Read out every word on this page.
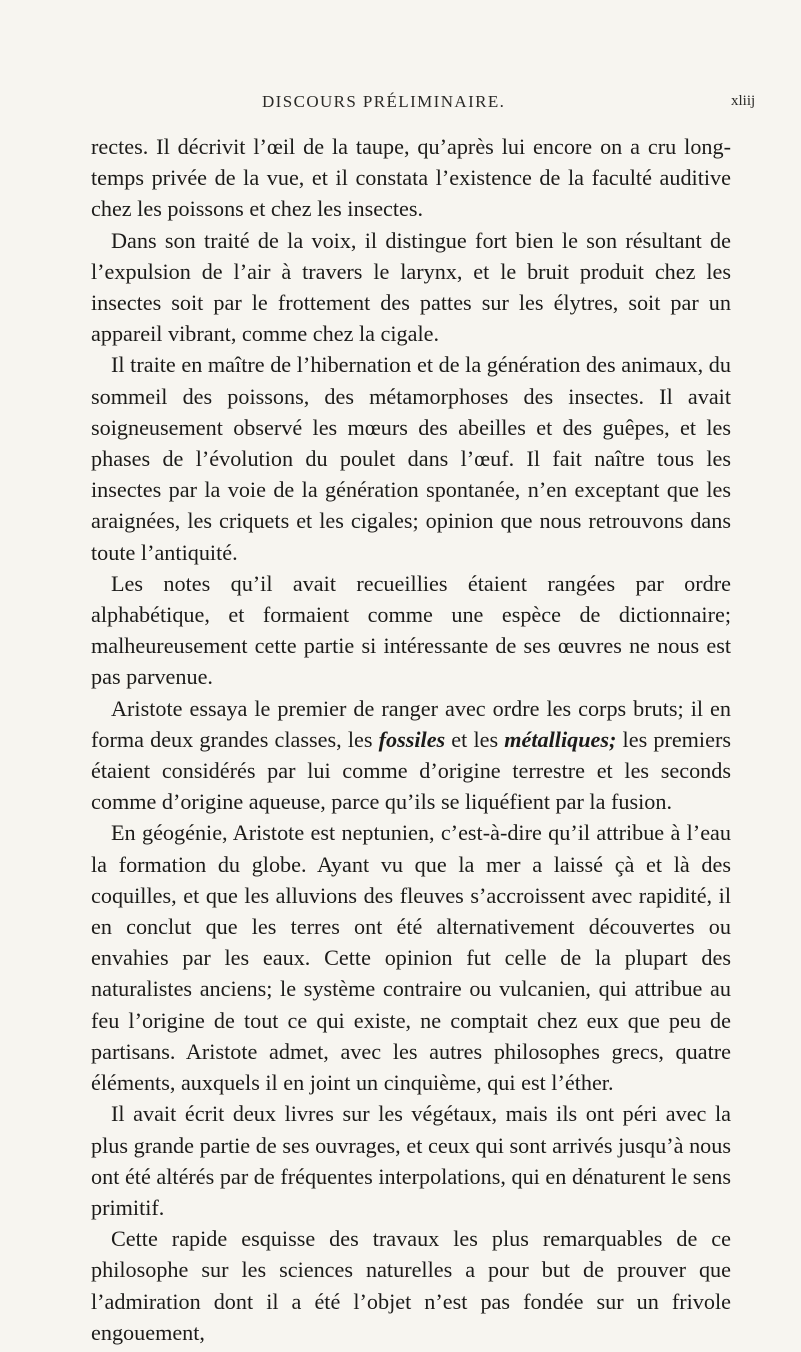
DISCOURS PRÉLIMINAIRE.	xliij

rectes. Il décrivit l’œil de la taupe, qu’après lui encore on a cru long-temps privée de la vue, et il constata l’existence de la faculté auditive chez les poissons et chez les insectes.

Dans son traité de la voix, il distingue fort bien le son résultant de l’expulsion de l’air à travers le larynx, et le bruit produit chez les insectes soit par le frottement des pattes sur les élytres, soit par un appareil vibrant, comme chez la cigale.

Il traite en maître de l’hibernation et de la génération des animaux, du sommeil des poissons, des métamorphoses des insectes. Il avait soigneusement observé les mœurs des abeilles et des guêpes, et les phases de l’évolution du poulet dans l’œuf. Il fait naître tous les insectes par la voie de la génération spontanée, n’en exceptant que les araignées, les criquets et les cigales; opinion que nous retrouvons dans toute l’antiquité.

Les notes qu’il avait recueillies étaient rangées par ordre alphabétique, et formaient comme une espèce de dictionnaire; malheureusement cette partie si intéressante de ses œuvres ne nous est pas parvenue.

Aristote essaya le premier de ranger avec ordre les corps bruts; il en forma deux grandes classes, les fossiles et les métalliques; les premiers étaient considérés par lui comme d’origine terrestre et les seconds comme d’origine aqueuse, parce qu’ils se liquéfient par la fusion.

En géogénie, Aristote est neptunien, c’est-à-dire qu’il attribue à l’eau la formation du globe. Ayant vu que la mer a laissé çà et là des coquilles, et que les alluvions des fleuves s’accroissent avec rapidité, il en conclut que les terres ont été alternativement découvertes ou envahies par les eaux. Cette opinion fut celle de la plupart des naturalistes anciens; le système contraire ou vulcanien, qui attribue au feu l’origine de tout ce qui existe, ne comptait chez eux que peu de partisans. Aristote admet, avec les autres philosophes grecs, quatre éléments, auxquels il en joint un cinquième, qui est l’éther.

Il avait écrit deux livres sur les végétaux, mais ils ont péri avec la plus grande partie de ses ouvrages, et ceux qui sont arrivés jusqu’à nous ont été altérés par de fréquentes interpolations, qui en dénaturent le sens primitif.

Cette rapide esquisse des travaux les plus remarquables de ce philosophe sur les sciences naturelles a pour but de prouver que l’admiration dont il a été l’objet n’est pas fondée sur un frivole engouement,
